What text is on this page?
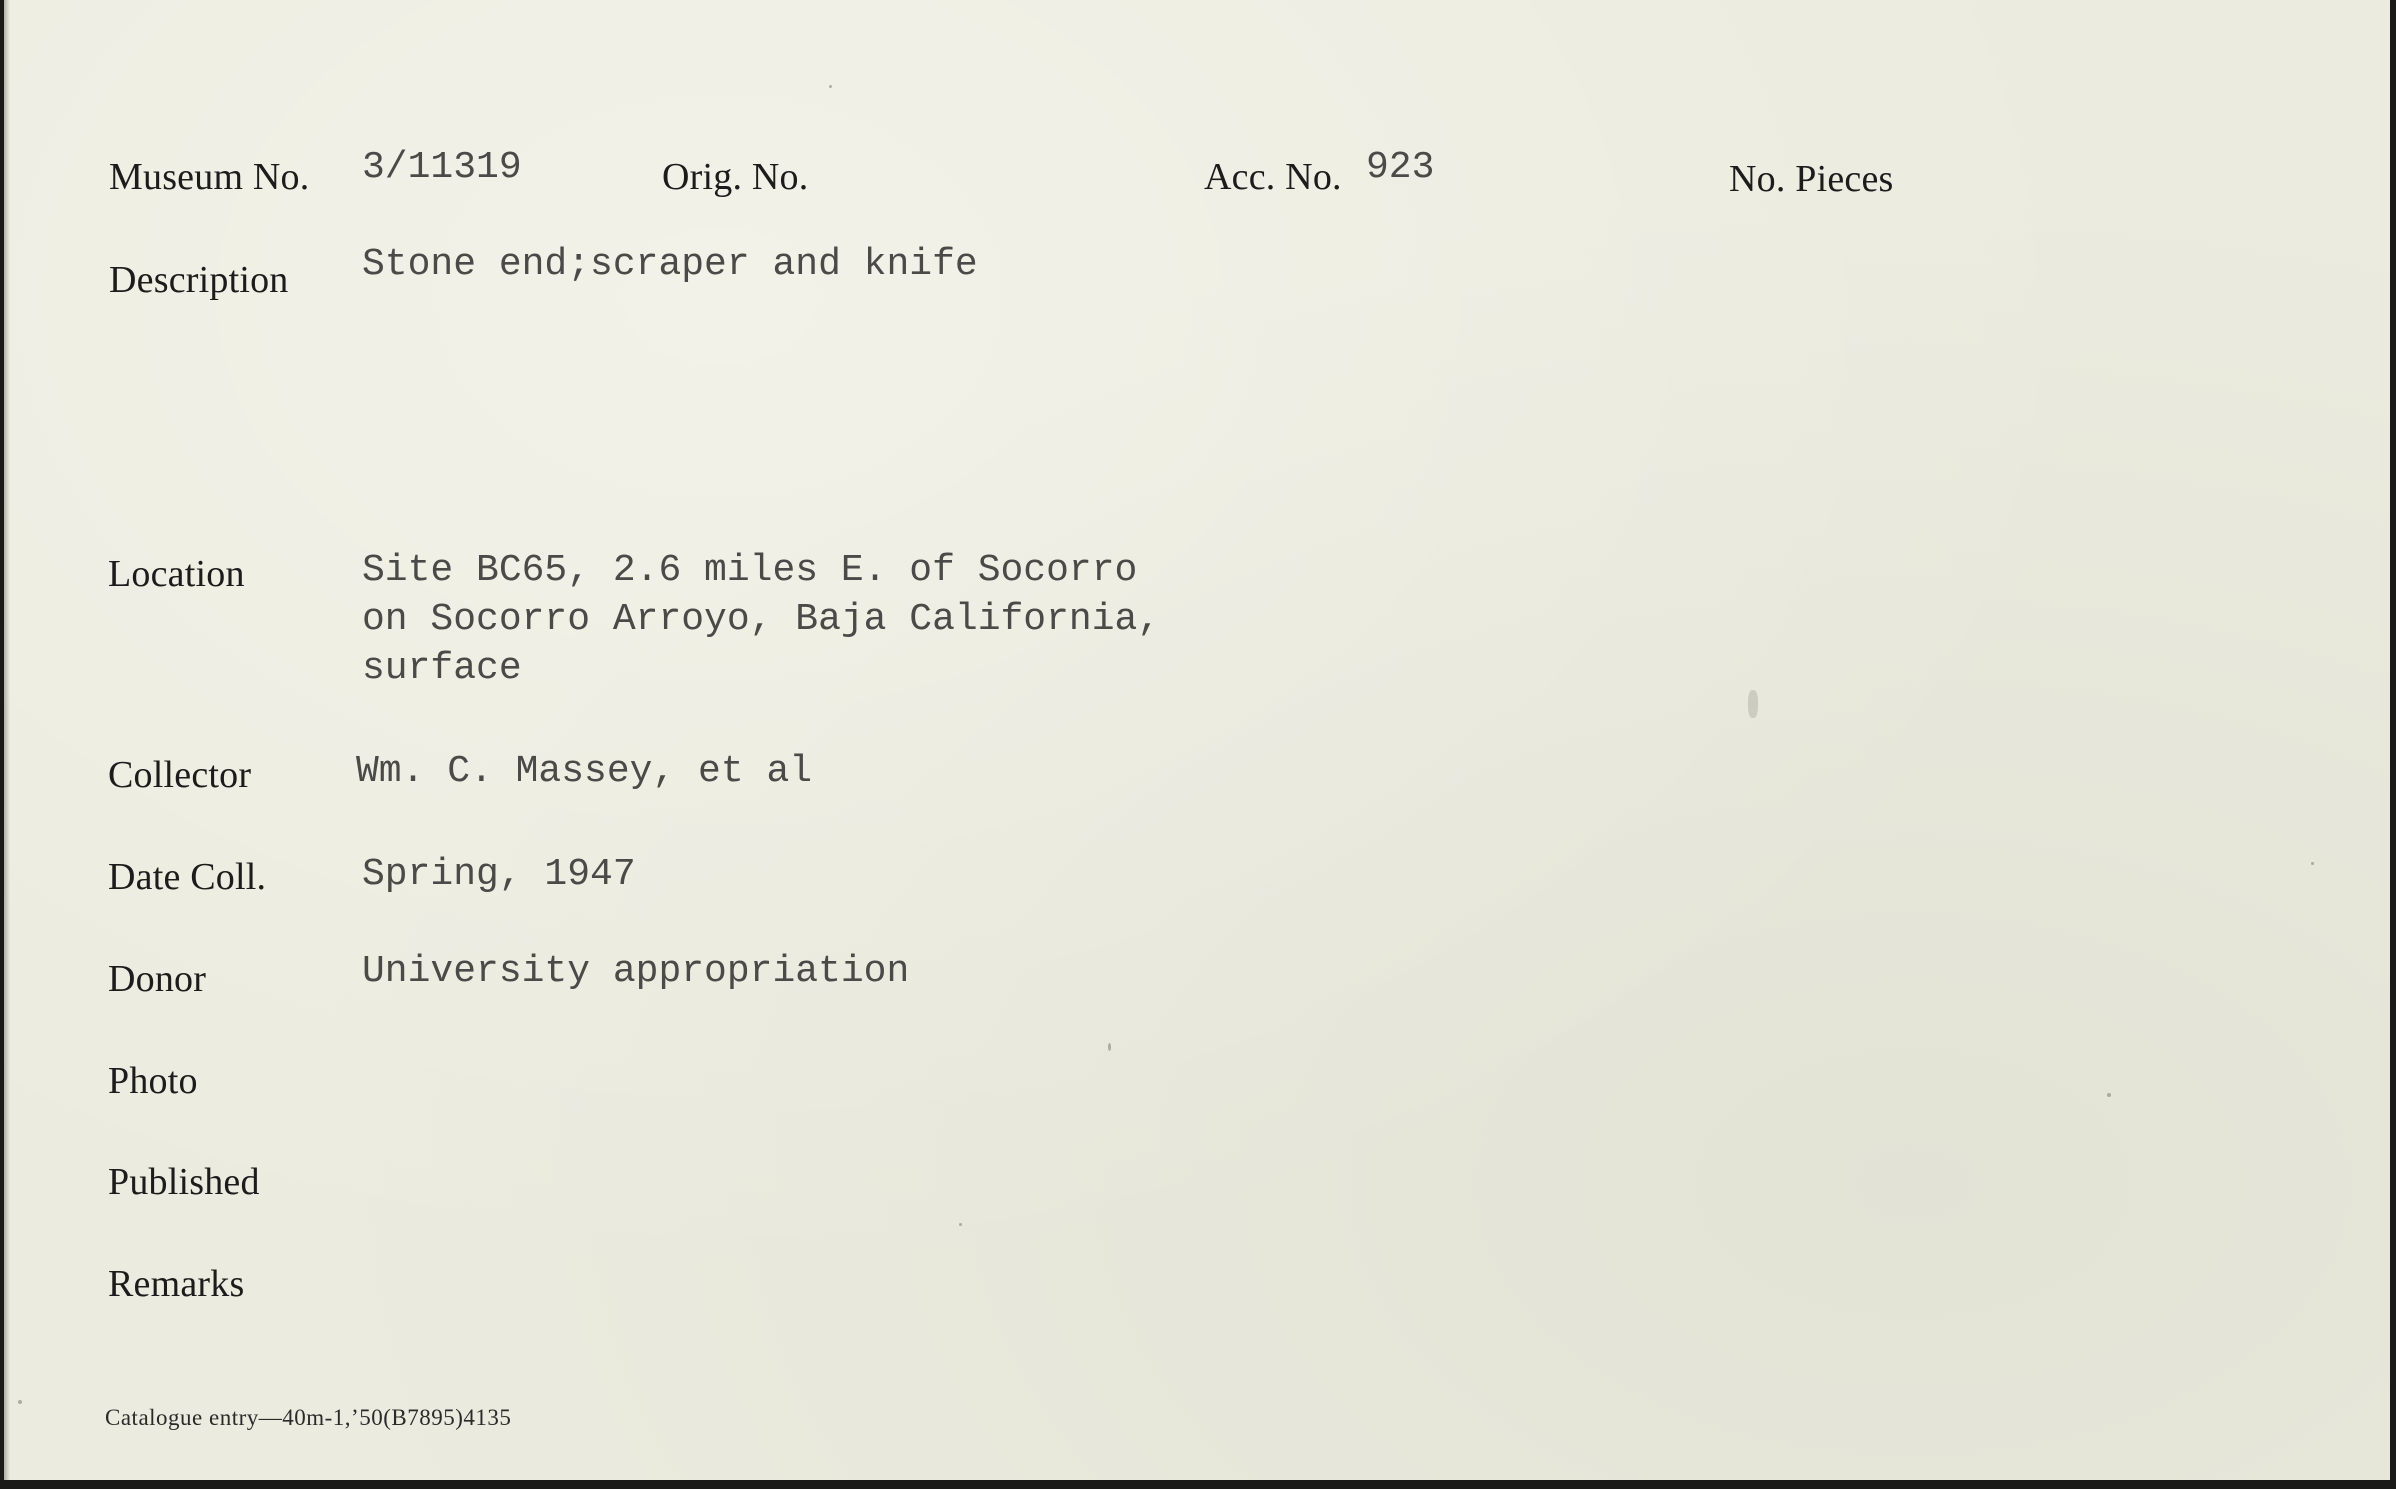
Museum No. 3/11319	Orig. No.	Acc. No. 923	No. Pieces
Description Stone end;scraper and knife
Location	Site BC65, 2.6 miles E. of Socorro
on Socorro Arroyo, Baja California,
surface
Collector	Wm. C. Massey, et al
Date Coll.	Spring, 1947
Donor	University appropriation
Photo
Published
Remarks
Catalogue entry—40m-1,’50(B7895)4135
